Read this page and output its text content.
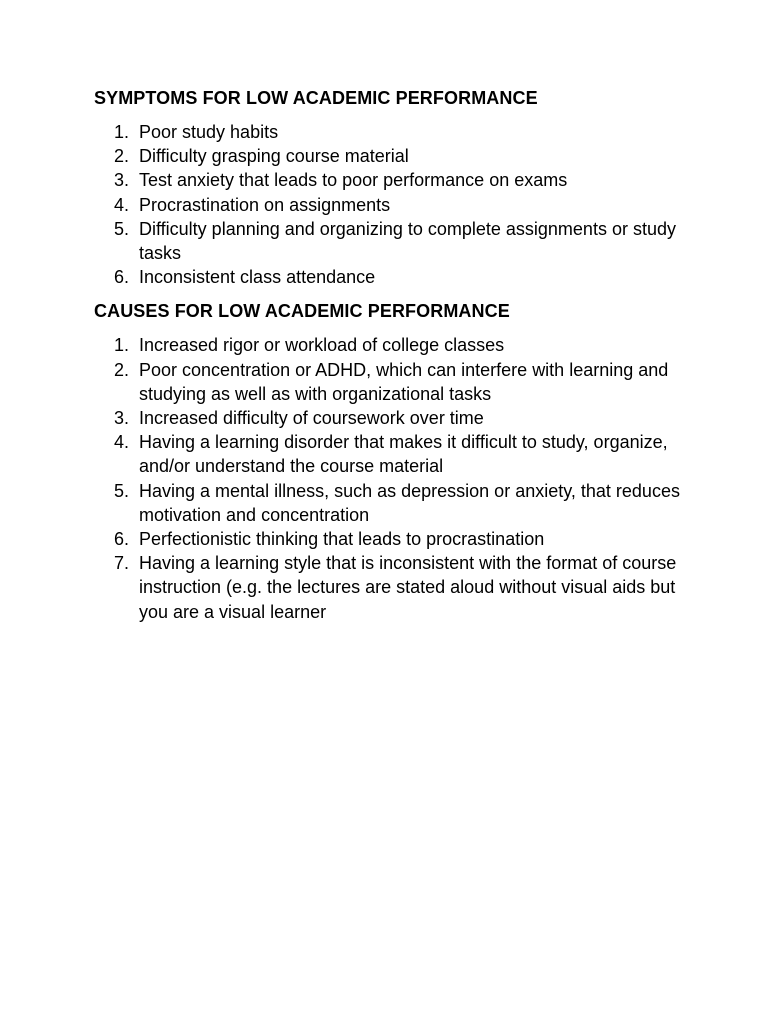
SYMPTOMS FOR LOW ACADEMIC PERFORMANCE
1. Poor study habits
2. Difficulty grasping course material
3. Test anxiety that leads to poor performance on exams
4. Procrastination on assignments
5. Difficulty planning and organizing to complete assignments or study tasks
6. Inconsistent class attendance
CAUSES FOR LOW ACADEMIC PERFORMANCE
1. Increased rigor or workload of college classes
2. Poor concentration or ADHD, which can interfere with learning and studying as well as with organizational tasks
3. Increased difficulty of coursework over time
4. Having a learning disorder that makes it difficult to study, organize, and/or understand the course material
5. Having a mental illness, such as depression or anxiety, that reduces motivation and concentration
6. Perfectionistic thinking that leads to procrastination
7. Having a learning style that is inconsistent with the format of course instruction (e.g. the lectures are stated aloud without visual aids but you are a visual learner
